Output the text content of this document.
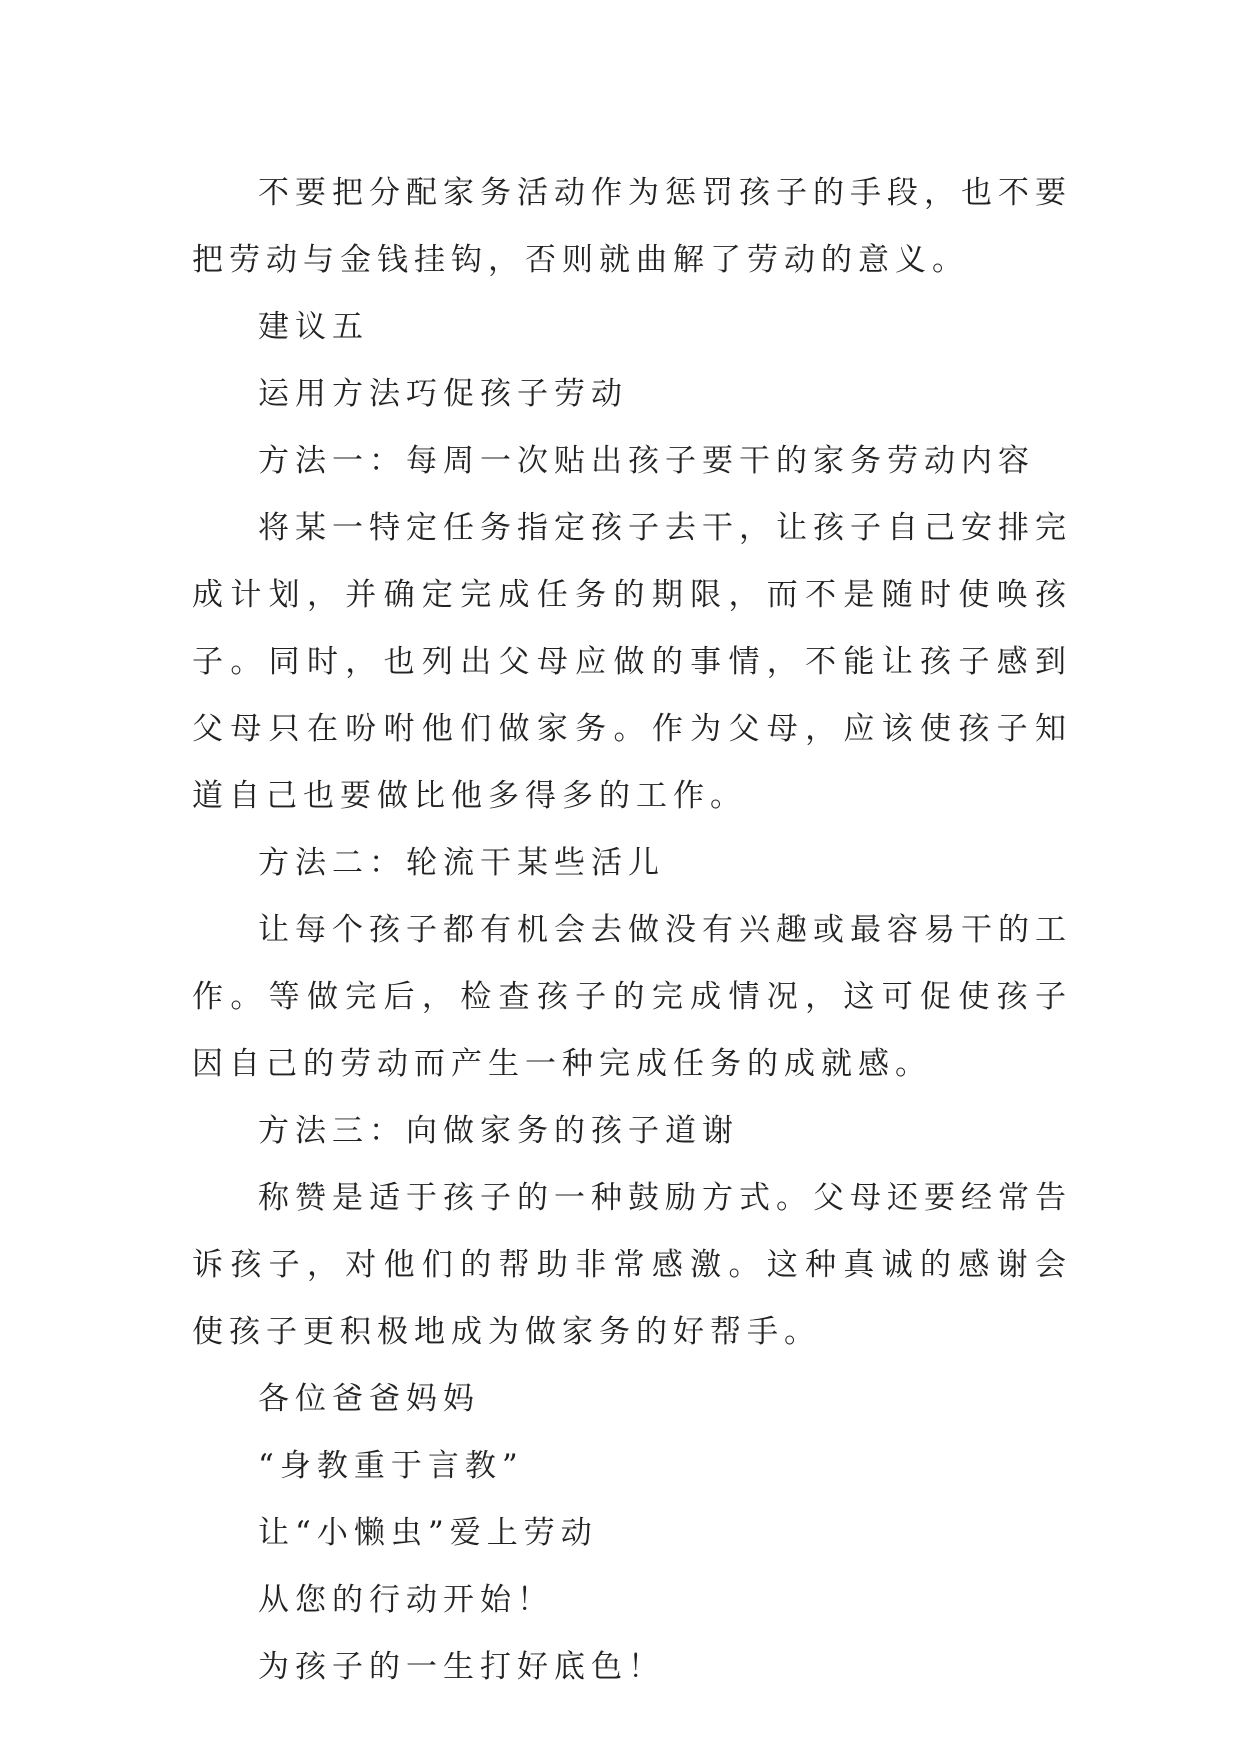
不要把分配家务活动作为惩罚孩子的手段，也不要把劳动与金钱挂钩，否则就曲解了劳动的意义。

建议五

运用方法巧促孩子劳动

方法一：每周一次贴出孩子要干的家务劳动内容

将某一特定任务指定孩子去干，让孩子自己安排完成计划，并确定完成任务的期限，而不是随时使唤孩子。同时，也列出父母应做的事情，不能让孩子感到父母只在吩咐他们做家务。作为父母，应该使孩子知道自己也要做比他多得多的工作。

方法二：轮流干某些活儿

让每个孩子都有机会去做没有兴趣或最容易干的工作。等做完后，检查孩子的完成情况，这可促使孩子因自己的劳动而产生一种完成任务的成就感。

方法三：向做家务的孩子道谢

称赞是适于孩子的一种鼓励方式。父母还要经常告诉孩子，对他们的帮助非常感激。这种真诚的感谢会使孩子更积极地成为做家务的好帮手。

各位爸爸妈妈

“身教重于言教”

让“小懒虫”爱上劳动

从您的行动开始！

为孩子的一生打好底色！
